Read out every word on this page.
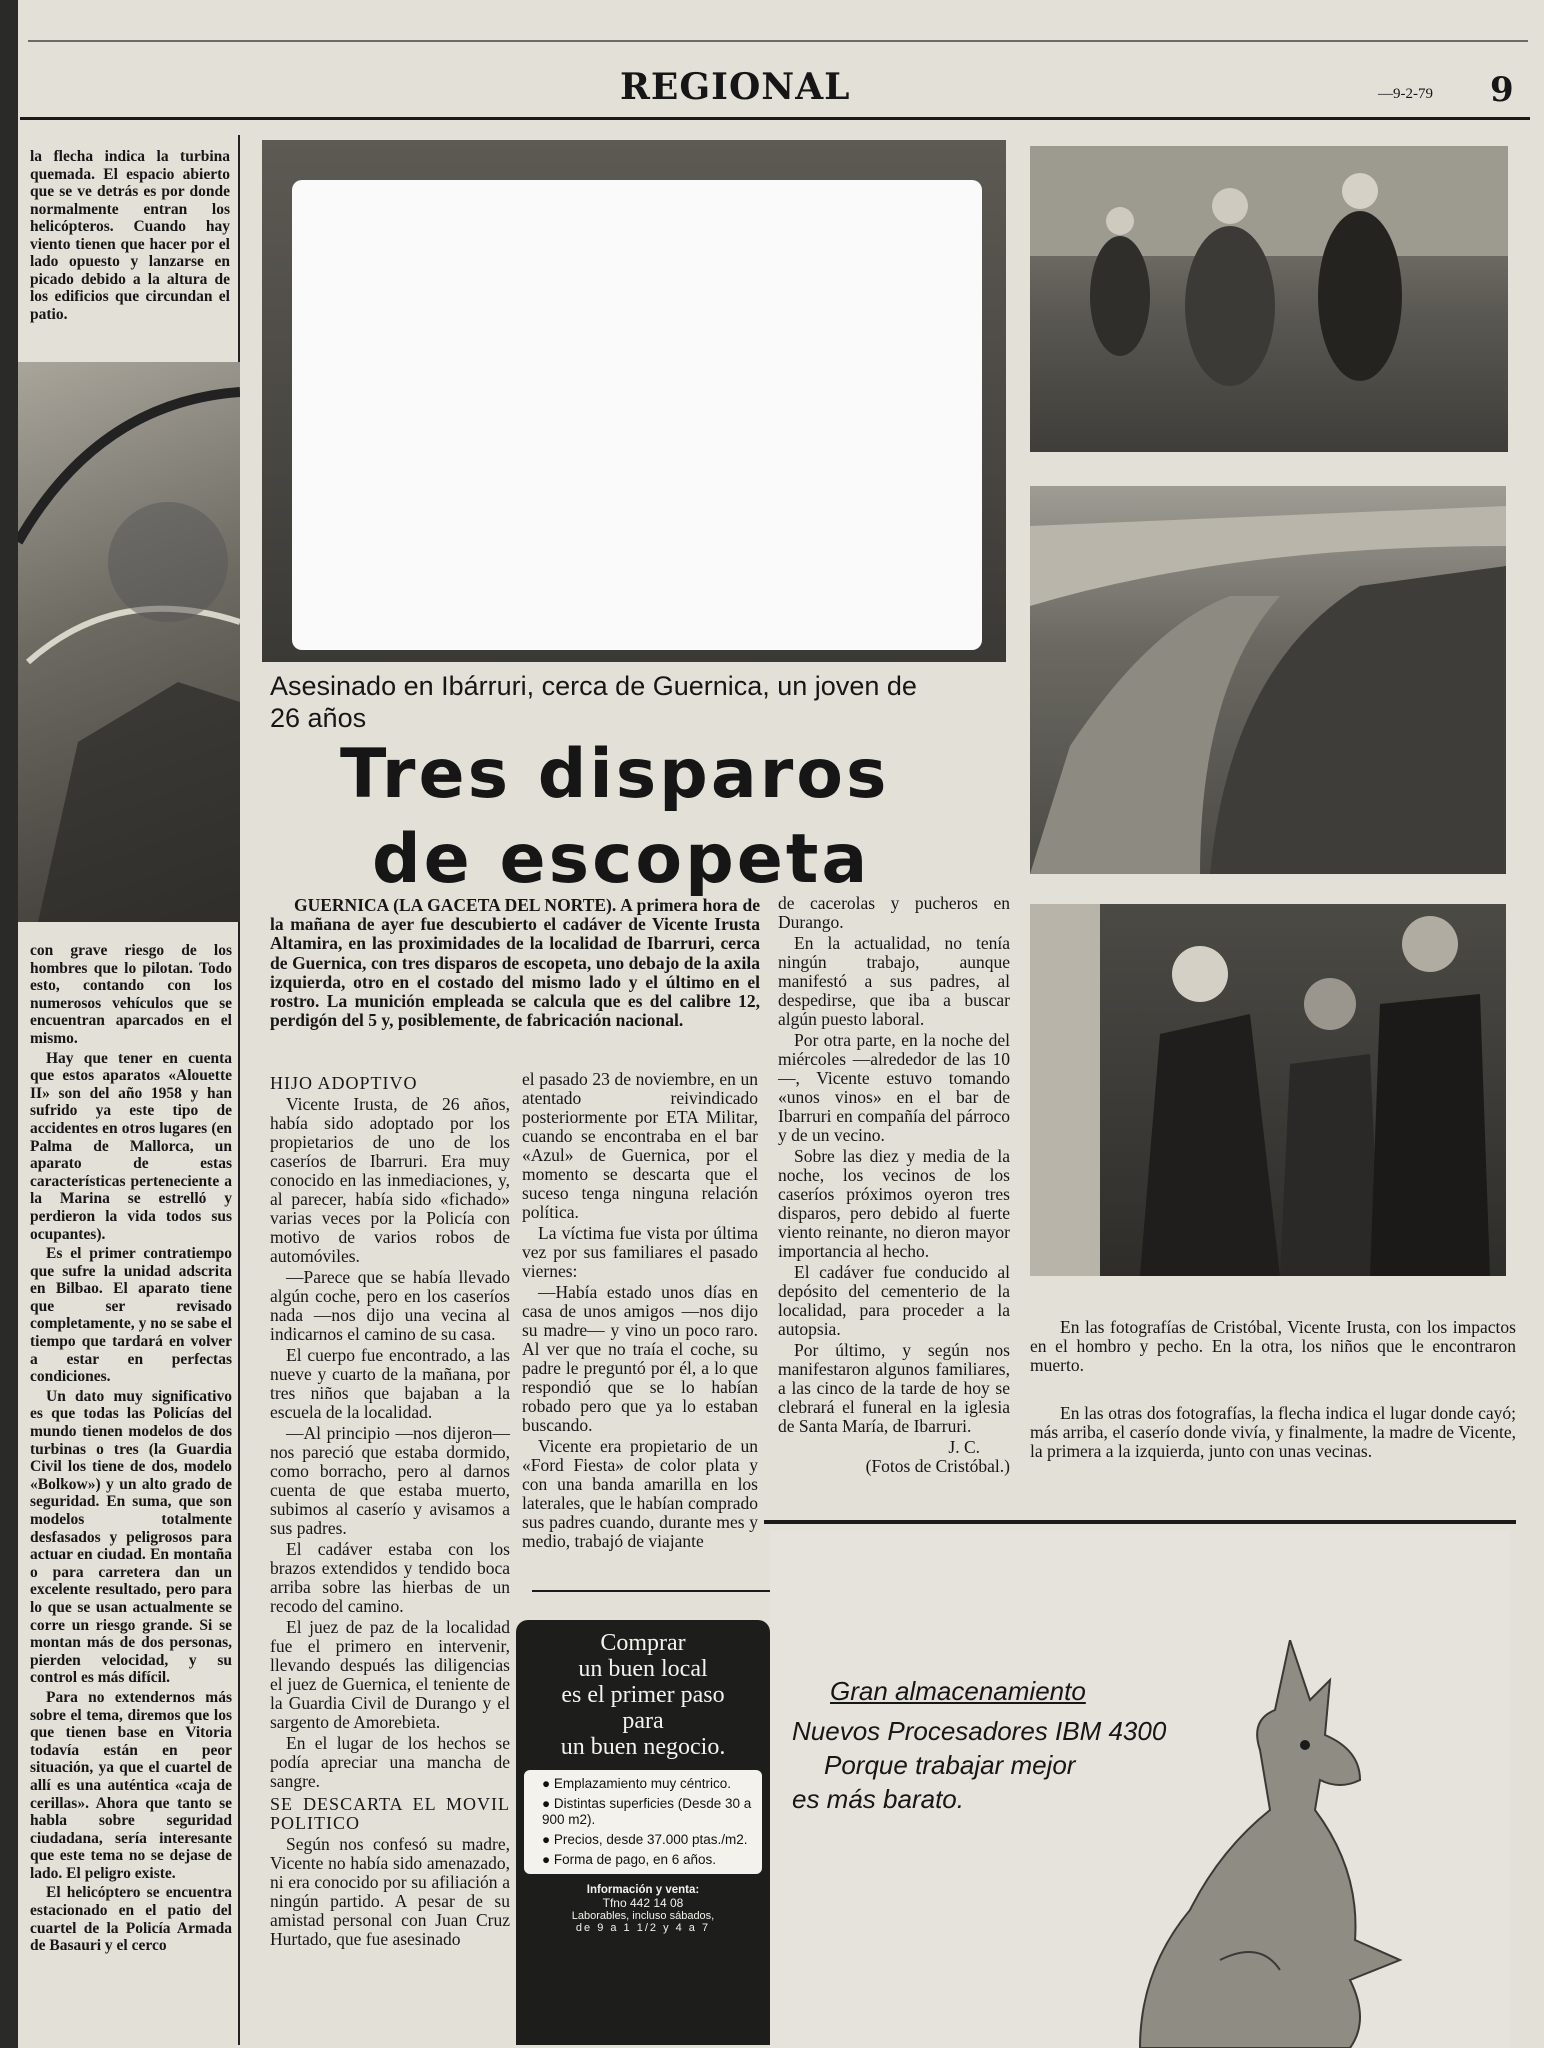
REGIONAL	—9-2-79 9

la flecha indica la turbina quemada. El espacio abierto que se ve detrás es por donde normalmente entran los helicópteros. Cuando hay viento tienen que hacer por el lado opuesto y lanzarse en picado debido a la altura de los edificios que circundan el patio.

con grave riesgo de los hombres que lo pilotan. Todo esto, contando con los numerosos vehículos que se encuentran aparcados en el mismo.

Hay que tener en cuenta que estos aparatos «Alouette II» son del año 1958 y han sufrido ya este tipo de accidentes en otros lugares (en Palma de Mallorca, un aparato de estas características perteneciente a la Marina se estrelló y perdieron la vida todos sus ocupantes).

Es el primer contratiempo que sufre la unidad adscrita en Bilbao. El aparato tiene que ser revisado completamente, y no se sabe el tiempo que tardará en volver a estar en perfectas condiciones.

Un dato muy significativo es que todas las Policías del mundo tienen modelos de dos turbinas o tres (la Guardia Civil los tiene de dos, modelo «Bolkow») y un alto grado de seguridad. En suma, que son modelos totalmente desfasados y peligrosos para actuar en ciudad. En montaña o para carretera dan un excelente resultado, pero para lo que se usan actualmente se corre un riesgo grande. Si se montan más de dos personas, pierden velocidad, y su control es más difícil.

Para no extendernos más sobre el tema, diremos que los que tienen base en Vitoria todavía están en peor situación, ya que el cuartel de allí es una auténtica «caja de cerillas». Ahora que tanto se habla sobre seguridad ciudadana, sería interesante que este tema no se dejase de lado. El peligro existe.

El helicóptero se encuentra estacionado en el patio del cuartel de la Policía Armada de Basauri y el cerco

Asesinado en Ibárruri, cerca de Guernica, un joven de 26 años
Tres disparos
de escopeta
GUERNICA (LA GACETA DEL NORTE). A primera hora de la mañana de ayer fue descubierto el cadáver de Vicente Irusta Altamira, en las proximidades de la localidad de Ibarruri, cerca de Guernica, con tres disparos de escopeta, uno debajo de la axila izquierda, otro en el costado del mismo lado y el último en el rostro. La munición empleada se calcula que es del calibre 12, perdigón del 5 y, posiblemente, de fabricación nacional.
HIJO ADOPTIVO

Vicente Irusta, de 26 años, había sido adoptado por los propietarios de uno de los caseríos de Ibarruri. Era muy conocido en las inmediaciones, y, al parecer, había sido «fichado» varias veces por la Policía con motivo de varios robos de automóviles.

—Parece que se había llevado algún coche, pero en los caseríos nada —nos dijo una vecina al indicarnos el camino de su casa.

El cuerpo fue encontrado, a las nueve y cuarto de la mañana, por tres niños que bajaban a la escuela de la localidad.

—Al principio —nos dijeron— nos pareció que estaba dormido, como borracho, pero al darnos cuenta de que estaba muerto, subimos al caserío y avisamos a sus padres.

El cadáver estaba con los brazos extendidos y tendido boca arriba sobre las hierbas de un recodo del camino.

El juez de paz de la localidad fue el primero en intervenir, llevando después las diligencias el juez de Guernica, el teniente de la Guardia Civil de Durango y el sargento de Amorebieta.

En el lugar de los hechos se podía apreciar una mancha de sangre.

SE DESCARTA EL MOVIL POLITICO

Según nos confesó su madre, Vicente no había sido amenazado, ni era conocido por su afiliación a ningún partido. A pesar de su amistad personal con Juan Cruz Hurtado, que fue asesinado

el pasado 23 de noviembre, en un atentado reivindicado posteriormente por ETA Militar, cuando se encontraba en el bar «Azul» de Guernica, por el momento se descarta que el suceso tenga ninguna relación política.

La víctima fue vista por última vez por sus familiares el pasado viernes:

—Había estado unos días en casa de unos amigos —nos dijo su madre— y vino un poco raro. Al ver que no traía el coche, su padre le preguntó por él, a lo que respondió que se lo habían robado pero que ya lo estaban buscando.

Vicente era propietario de un «Ford Fiesta» de color plata y con una banda amarilla en los laterales, que le habían comprado sus padres cuando, durante mes y medio, trabajó de viajante

de cacerolas y pucheros en Durango.

En la actualidad, no tenía ningún trabajo, aunque manifestó a sus padres, al despedirse, que iba a buscar algún puesto laboral.

Por otra parte, en la noche del miércoles —alrededor de las 10—, Vicente estuvo tomando «unos vinos» en el bar de Ibarruri en compañía del párroco y de un vecino.

Sobre las diez y media de la noche, los vecinos de los caseríos próximos oyeron tres disparos, pero debido al fuerte viento reinante, no dieron mayor importancia al hecho.

El cadáver fue conducido al depósito del cementerio de la localidad, para proceder a la autopsia.

Por último, y según nos manifestaron algunos familiares, a las cinco de la tarde de hoy se clebrará el funeral en la iglesia de Santa María, de Ibarruri.

J. C.
(Fotos de Cristóbal.)
En las fotografías de Cristóbal, Vicente Irusta, con los impactos en el hombro y pecho. En la otra, los niños que le encontraron muerto.
En las otras dos fotografías, la flecha indica el lugar donde cayó; más arriba, el caserío donde vivía, y finalmente, la madre de Vicente, la primera a la izquierda, junto con unas vecinas.
Comprar
un buen local
es el primer paso
para
un buen negocio.
● Emplazamiento muy céntrico.
● Distintas superficies (Desde 30 a 900 m2).
● Precios, desde 37.000 ptas./m2.
● Forma de pago, en 6 años.
Información y venta:
Tfno 442 14 08
Laborables, incluso sábados,
de 9 a 1 1/2 y 4 a 7
Gran almacenamiento
Nuevos Procesadores IBM 4300
Porque trabajar mejor
es más barato.
